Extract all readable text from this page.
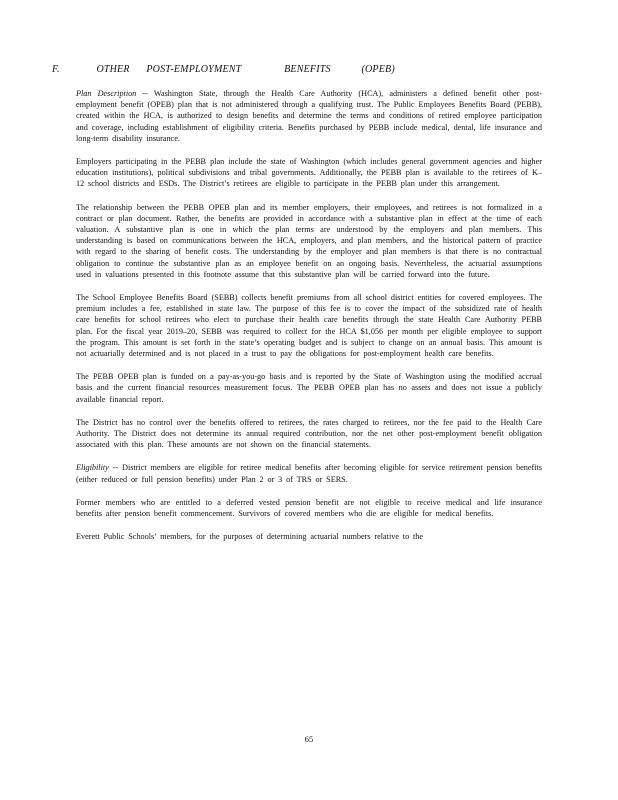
F.	OTHER POST-EMPLOYMENT	BENEFITS	(OPEB)

Plan Description -- Washington State, through the Health Care Authority (HCA), administers a defined benefit other post-employment benefit (OPEB) plan that is not administered through a qualifying trust. The Public Employees Benefits Board (PEBB), created within the HCA, is authorized to design benefits and determine the terms and conditions of retired employee participation and coverage, including establishment of eligibility criteria. Benefits purchased by PEBB include medical, dental, life insurance and long-term disability insurance.

Employers participating in the PEBB plan include the state of Washington (which includes general government agencies and higher education institutions), political subdivisions and tribal governments. Additionally, the PEBB plan is available to the retirees of K–12 school districts and ESDs. The District’s retirees are eligible to participate in the PEBB plan under this arrangement.

The relationship between the PEBB OPEB plan and its member employers, their employees, and retirees is not formalized in a contract or plan document. Rather, the benefits are provided in accordance with a substantive plan in effect at the time of each valuation. A substantive plan is one in which the plan terms are understood by the employers and plan members. This understanding is based on communications between the HCA, employers, and plan members, and the historical pattern of practice with regard to the sharing of benefit costs. The understanding by the employer and plan members is that there is no contractual obligation to continue the substantive plan as an employee benefit on an ongoing basis. Nevertheless, the actuarial assumptions used in valuations presented in this footnote assume that this substantive plan will be carried forward into the future.

The School Employee Benefits Board (SEBB) collects benefit premiums from all school district entities for covered employees. The premium includes a fee, established in state law. The purpose of this fee is to cover the impact of the subsidized rate of health care benefits for school retirees who elect to purchase their health care benefits through the state Health Care Authority PEBB plan. For the fiscal year 2019–20, SEBB was required to collect for the HCA $1,056 per month per eligible employee to support the program. This amount is set forth in the state’s operating budget and is subject to change on an annual basis. This amount is not actuarially determined and is not placed in a trust to pay the obligations for post-employment health care benefits.

The PEBB OPEB plan is funded on a pay-as-you-go basis and is reported by the State of Washington using the modified accrual basis and the current financial resources measurement focus. The PEBB OPEB plan has no assets and does not issue a publicly available financial report.

The District has no control over the benefits offered to retirees, the rates charged to retirees, nor the fee paid to the Health Care Authority. The District does not determine its annual required contribution, nor the net other post-employment benefit obligation associated with this plan. These amounts are not shown on the financial statements.

Eligibility -- District members are eligible for retiree medical benefits after becoming eligible for service retirement pension benefits (either reduced or full pension benefits) under Plan 2 or 3 of TRS or SERS.

Former members who are entitled to a deferred vested pension benefit are not eligible to receive medical and life insurance benefits after pension benefit commencement. Survivors of covered members who die are eligible for medical benefits.

Everett Public Schools’ members, for the purposes of determining actuarial numbers relative to the

65
